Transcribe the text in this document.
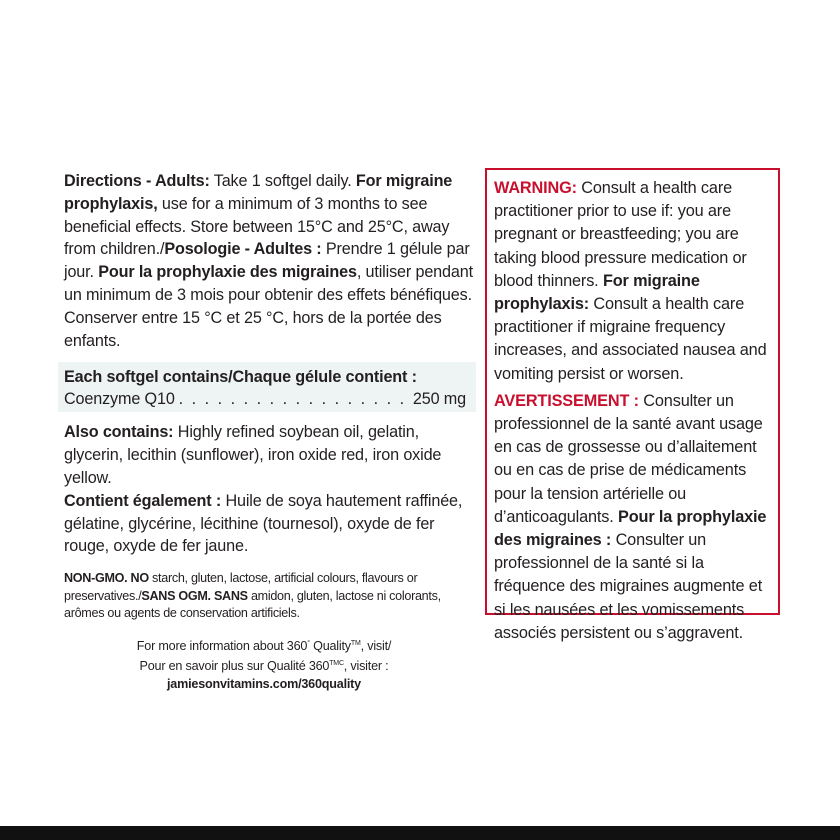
Directions - Adults: Take 1 softgel daily. For migraine prophylaxis, use for a minimum of 3 months to see beneficial effects. Store between 15°C and 25°C, away from children./Posologie - Adultes : Prendre 1 gélule par jour. Pour la prophylaxie des migraines, utiliser pendant un minimum de 3 mois pour obtenir des effets bénéfiques. Conserver entre 15 °C et 25 °C, hors de la portée des enfants.

Each softgel contains/Chaque gélule contient :
Coenzyme Q10
. . .	250 mg

Also contains: Highly refined soybean oil, gelatin, glycerin, lecithin (sunflower), iron oxide red, iron oxide yellow.

Contient également : Huile de soya hautement raffinée, gélatine, glycérine, lécithine (tournesol), oxyde de fer rouge, oxyde de fer jaune.

NON-GMO. NO starch, gluten, lactose, artificial colours, flavours or preservatives./SANS OGM. SANS amidon, gluten, lactose ni colorants, arômes ou agents de conservation artificiels.

For more information about 360° Quality™, visit/
Pour en savoir plus sur Qualité $360^{TMC}$, visiter :
jamiesonvitamins.com/360quality

WARNING: Consult a health care practitioner prior to use if: you are pregnant or breastfeeding; you are taking blood pressure medication or blood thinners. For migraine prophylaxis: Consult a health care practitioner if migraine frequency increases, and associated nausea and vomiting persist or worsen.

AVERTISSEMENT : Consulter un professionnel de la santé avant usage en cas de grossesse ou d’allaitement ou en cas de prise de médicaments pour la tension artérielle ou d’anticoagulants. Pour la prophylaxie des migraines : Consulter un professionnel de la santé si la fréquence des migraines augmente et si les nausées et les vomissements associés persistent ou s’aggravent.
